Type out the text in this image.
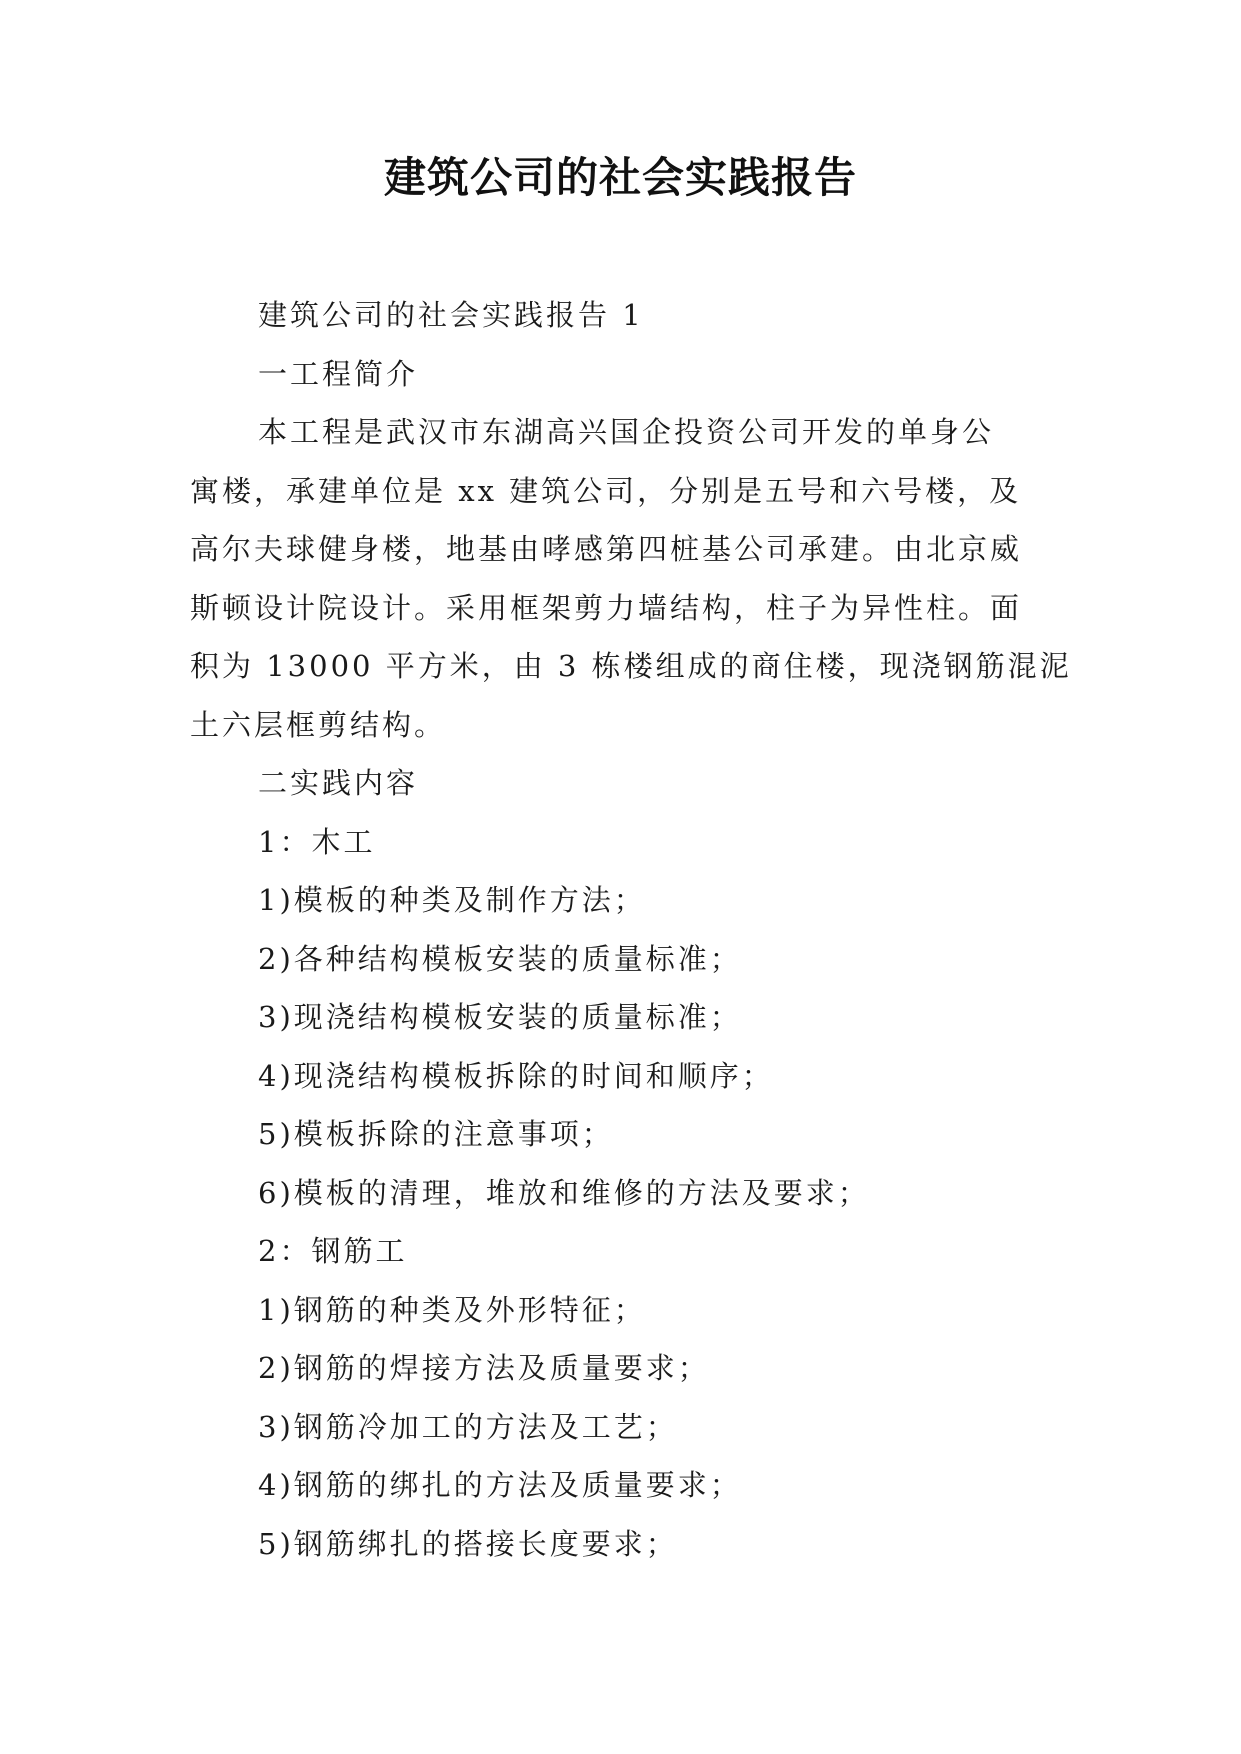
建筑公司的社会实践报告
建筑公司的社会实践报告 1
一工程简介
本工程是武汉市东湖高兴国企投资公司开发的单身公
寓楼，承建单位是 xx 建筑公司，分别是五号和六号楼，及
高尔夫球健身楼，地基由哮感第四桩基公司承建。由北京威
斯顿设计院设计。采用框架剪力墙结构，柱子为异性柱。面
积为 13000 平方米，由 3 栋楼组成的商住楼，现浇钢筋混泥
土六层框剪结构。
二实践内容
1：木工
1)模板的种类及制作方法；
2)各种结构模板安装的质量标准；
3)现浇结构模板安装的质量标准；
4)现浇结构模板拆除的时间和顺序；
5)模板拆除的注意事项；
6)模板的清理，堆放和维修的方法及要求；
2：钢筋工
1)钢筋的种类及外形特征；
2)钢筋的焊接方法及质量要求；
3)钢筋冷加工的方法及工艺；
4)钢筋的绑扎的方法及质量要求；
5)钢筋绑扎的搭接长度要求；
